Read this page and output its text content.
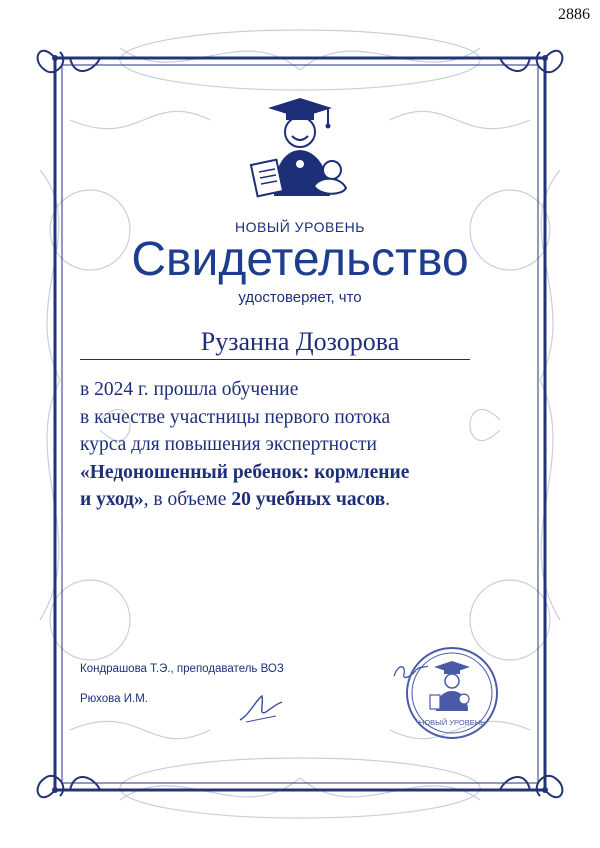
2886
НОВЫЙ УРОВЕНЬ
Свидетельство
удостоверяет, что
Рузанна Дозорова
в 2024 г. прошла обучение
в качестве участницы первого потока
курса для повышения экспертности
«Недоношенный ребенок: кормление
и уход», в объеме 20 учебных часов.
Кондрашова Т.Э., преподаватель ВОЗ
Рюхова И.М.
НОВЫЙ УРОВЕНЬ
